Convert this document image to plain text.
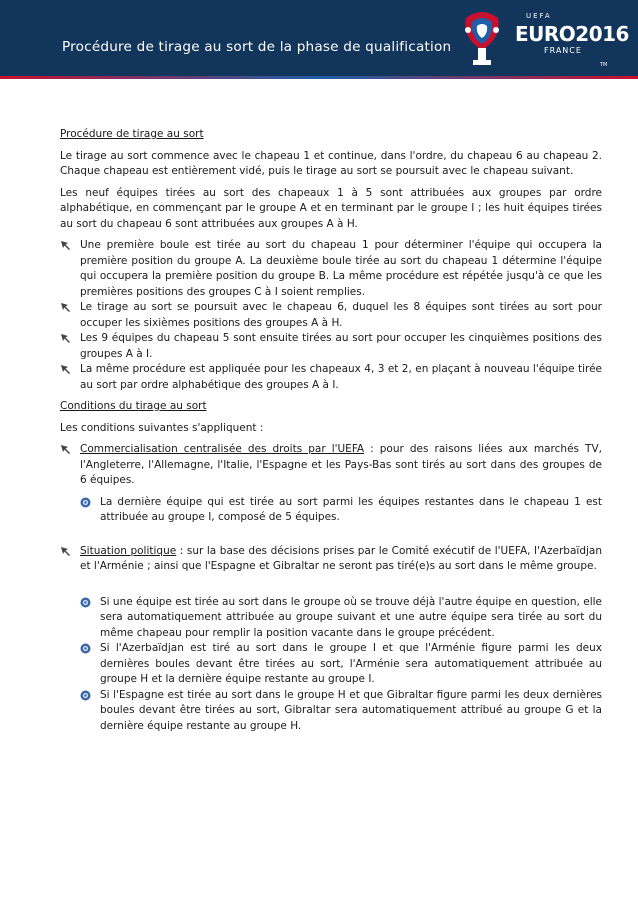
Procédure de tirage au sort de la phase de qualification
UEFA
EURO2016
FRANCE
TM
Procédure de tirage au sort

Le tirage au sort commence avec le chapeau 1 et continue, dans l'ordre, du chapeau 6 au chapeau 2. Chaque chapeau est entièrement vidé, puis le tirage au sort se poursuit avec le chapeau suivant.

Les neuf équipes tirées au sort des chapeaux 1 à 5 sont attribuées aux groupes par ordre alphabétique, en commençant par le groupe A et en terminant par le groupe I ; les huit équipes tirées au sort du chapeau 6 sont attribuées aux groupes A à H.

Une première boule est tirée au sort du chapeau 1 pour déterminer l'équipe qui occupera la première position du groupe A. La deuxième boule tirée au sort du chapeau 1 détermine l'équipe qui occupera la première position du groupe B. La même procédure est répétée jusqu'à ce que les premières positions des groupes C à I soient remplies.
Le tirage au sort se poursuit avec le chapeau 6, duquel les 8 équipes sont tirées au sort pour occuper les sixièmes positions des groupes A à H.
Les 9 équipes du chapeau 5 sont ensuite tirées au sort pour occuper les cinquièmes positions des groupes A à I.
La même procédure est appliquée pour les chapeaux 4, 3 et 2, en plaçant à nouveau l'équipe tirée au sort par ordre alphabétique des groupes A à I.
Conditions du tirage au sort

Les conditions suivantes s'appliquent :

Commercialisation centralisée des droits par l'UEFA : pour des raisons liées aux marchés TV, l'Angleterre, l'Allemagne, l'Italie, l'Espagne et les Pays-Bas sont tirés au sort dans des groupes de 6 équipes.
La dernière équipe qui est tirée au sort parmi les équipes restantes dans le chapeau 1 est attribuée au groupe I, composé de 5 équipes.
Situation politique : sur la base des décisions prises par le Comité exécutif de l'UEFA, l'Azerbaïdjan et l'Arménie ; ainsi que l'Espagne et Gibraltar ne seront pas tiré(e)s au sort dans le même groupe.
Si une équipe est tirée au sort dans le groupe où se trouve déjà l'autre équipe en question, elle sera automatiquement attribuée au groupe suivant et une autre équipe sera tirée au sort du même chapeau pour remplir la position vacante dans le groupe précédent.
Si l'Azerbaïdjan est tiré au sort dans le groupe I et que l'Arménie figure parmi les deux dernières boules devant être tirées au sort, l'Arménie sera automatiquement attribuée au groupe H et la dernière équipe restante au groupe I.
Si l'Espagne est tirée au sort dans le groupe H et que Gibraltar figure parmi les deux dernières boules devant être tirées au sort, Gibraltar sera automatiquement attribué au groupe G et la dernière équipe restante au groupe H.
